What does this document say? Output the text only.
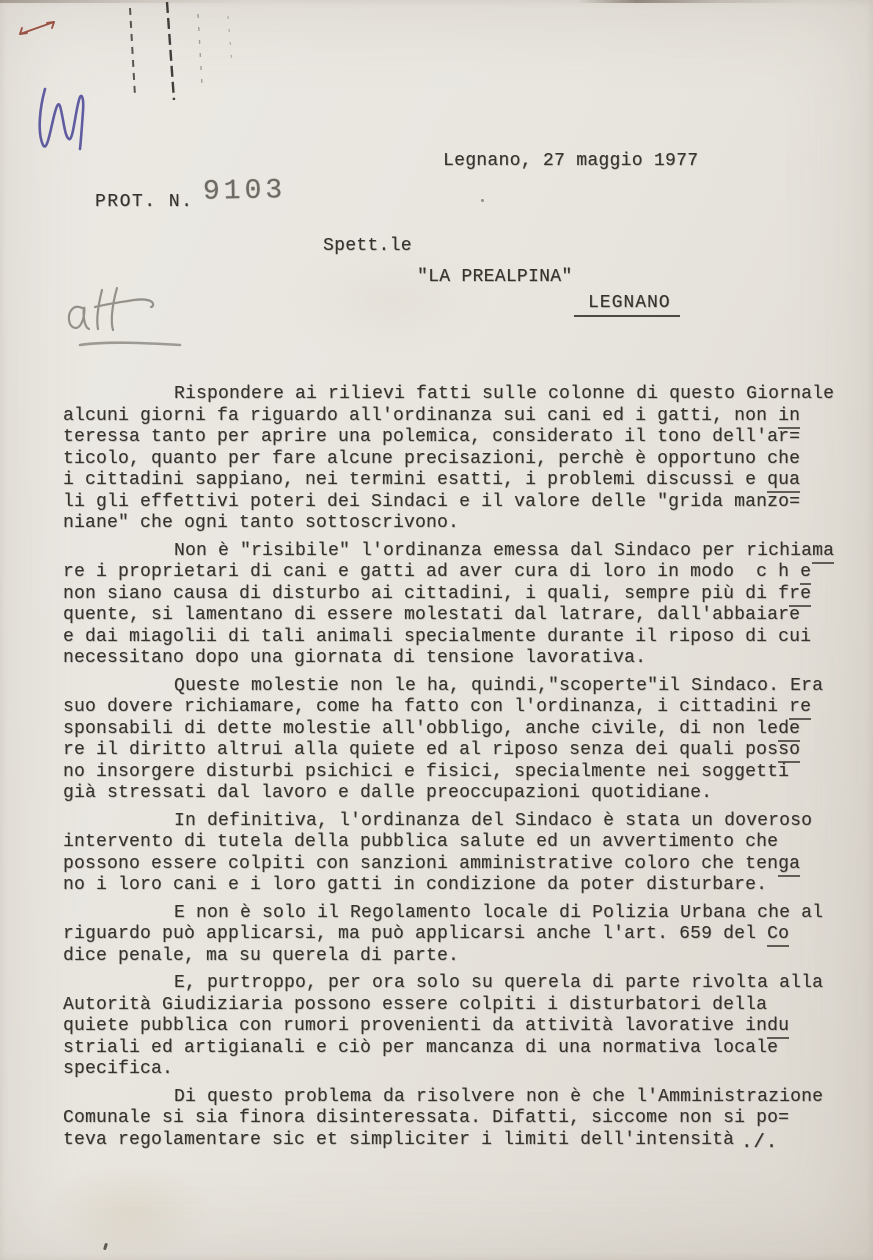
Legnano, 27 maggio 1977
PROT. N. 9103
Spett.le
"LA PREALPINA"
LEGNANO
Rispondere ai rilievi fatti sulle colonne di questo Giornale
alcuni giorni fa riguardo all'ordinanza sui cani ed i gatti, non in
teressa tanto per aprire una polemica, considerato il tono dell'ar=
ticolo, quanto per fare alcune precisazioni, perchè è opportuno che
i cittadini sappiano, nei termini esatti, i problemi discussi e qua
li gli effettivi poteri dei Sindaci e il valore delle "grida manzo=
niane" che ogni tanto sottoscrivono.
Non è "risibile" l'ordinanza emessa dal Sindaco per richiama
re i proprietari di cani e gatti ad aver cura di loro in modo  c h e
non siano causa di disturbo ai cittadini, i quali, sempre più di fre
quente, si lamentano di essere molestati dal latrare, dall'abbaiare
e dai miagolii di tali animali specialmente durante il riposo di cui
necessitano dopo una giornata di tensione lavorativa.
Queste molestie non le ha, quindi,"scoperte"il Sindaco. Era
suo dovere richiamare, come ha fatto con l'ordinanza, i cittadini re
sponsabili di dette molestie all'obbligo, anche civile, di non lede
re il diritto altrui alla quiete ed al riposo senza dei quali posso
no insorgere disturbi psichici e fisici, specialmente nei soggetti
già stressati dal lavoro e dalle preoccupazioni quotidiane.
In definitiva, l'ordinanza del Sindaco è stata un doveroso
intervento di tutela della pubblica salute ed un avvertimento che
possono essere colpiti con sanzioni amministrative coloro che tenga
no i loro cani e i loro gatti in condizione da poter disturbare.
E non è solo il Regolamento locale di Polizia Urbana che al
riguardo può applicarsi, ma può applicarsi anche l'art. 659 del Co
dice penale, ma su querela di parte.
E, purtroppo, per ora solo su querela di parte rivolta alla
Autorità Giudiziaria possono essere colpiti i disturbatori della
quiete pubblica con rumori provenienti da attività lavorative indu
striali ed artigianali e ciò per mancanza di una normativa locale
specifica.
Di questo problema da risolvere non è che l'Amministrazione
Comunale si sia finora disinteressata. Difatti, siccome non si po=
teva regolamentare sic et simpliciter i limiti dell'intensità ./.
